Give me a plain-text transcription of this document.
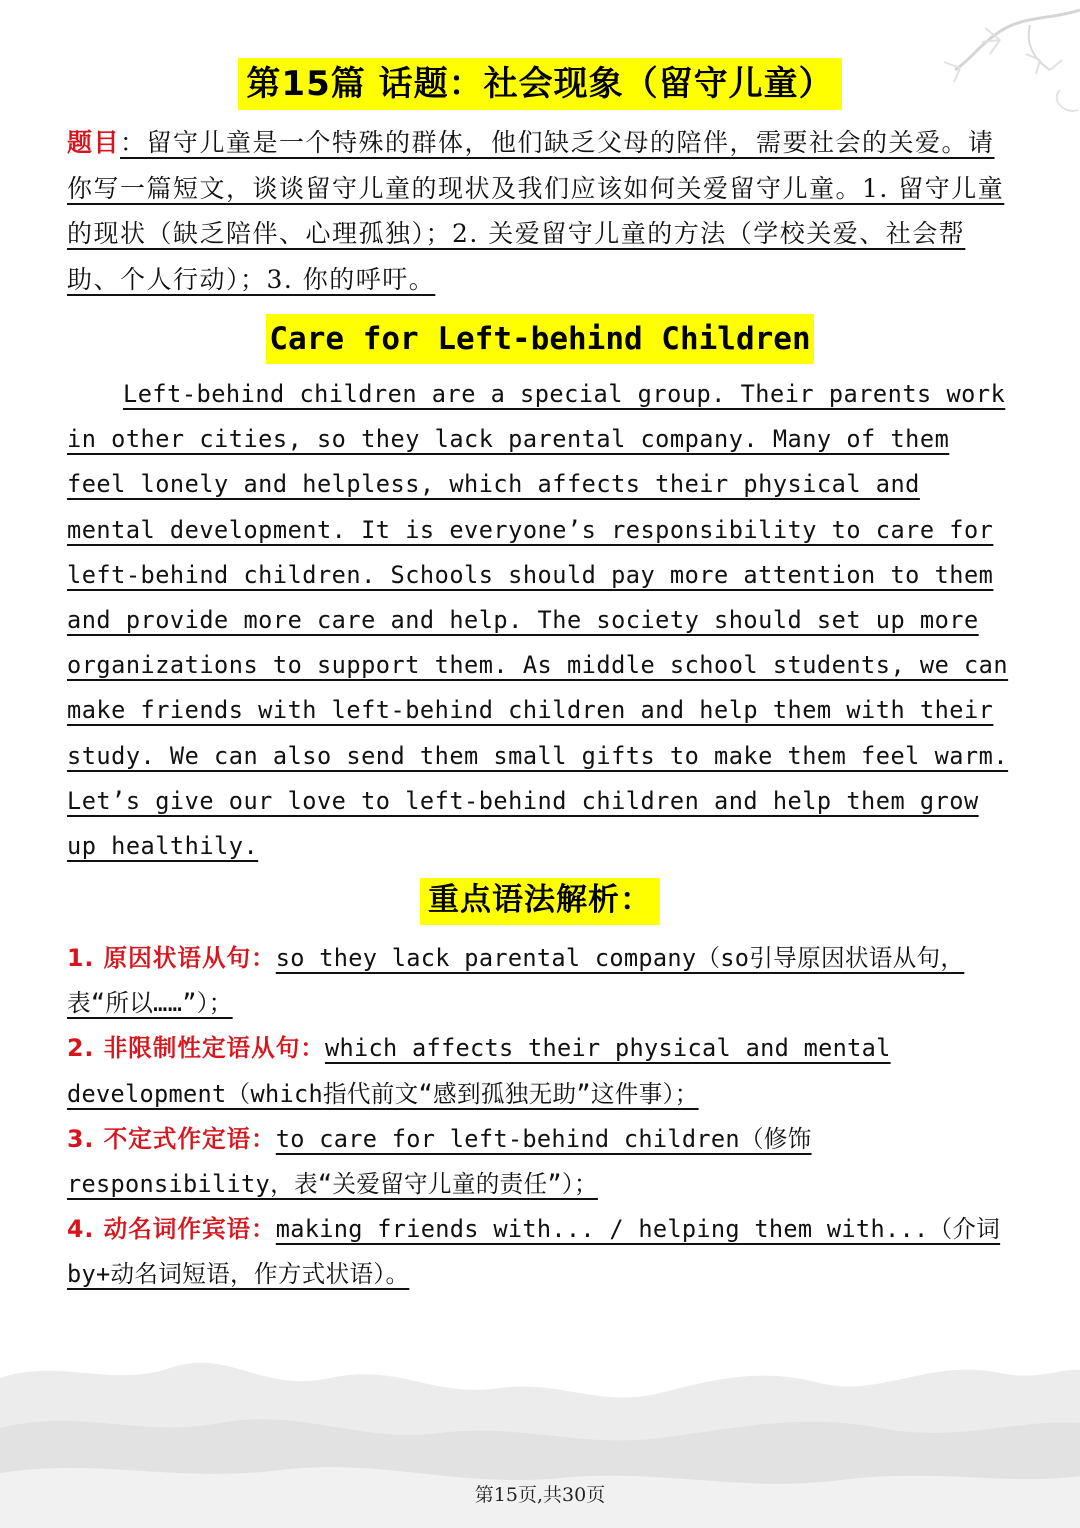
第15篇 话题：社会现象（留守儿童）
题目：留守儿童是一个特殊的群体，他们缺乏父母的陪伴，需要社会的关爱。请你写一篇短文，谈谈留守儿童的现状及我们应该如何关爱留守儿童。1. 留守儿童的现状（缺乏陪伴、心理孤独）；2. 关爱留守儿童的方法（学校关爱、社会帮助、个人行动）；3. 你的呼吁。
Care for Left-behind Children
Left-behind children are a special group. Their parents work in other cities, so they lack parental company. Many of them feel lonely and helpless, which affects their physical and mental development. It is everyone’s responsibility to care for left-behind children. Schools should pay more attention to them and provide more care and help. The society should set up more organizations to support them. As middle school students, we can make friends with left-behind children and help them with their study. We can also send them small gifts to make them feel warm. Let’s give our love to left-behind children and help them grow up healthily.
重点语法解析：

1. 原因状语从句：so they lack parental company（so引导原因状语从句，表“所以……”）；

2. 非限制性定语从句：which affects their physical and mental development（which指代前文“感到孤独无助”这件事）；

3. 不定式作定语：to care for left-behind children（修饰responsibility，表“关爱留守儿童的责任”）；

4. 动名词作宾语：making friends with... / helping them with...（介词by+动名词短语，作方式状语）。

第15页,共30页
